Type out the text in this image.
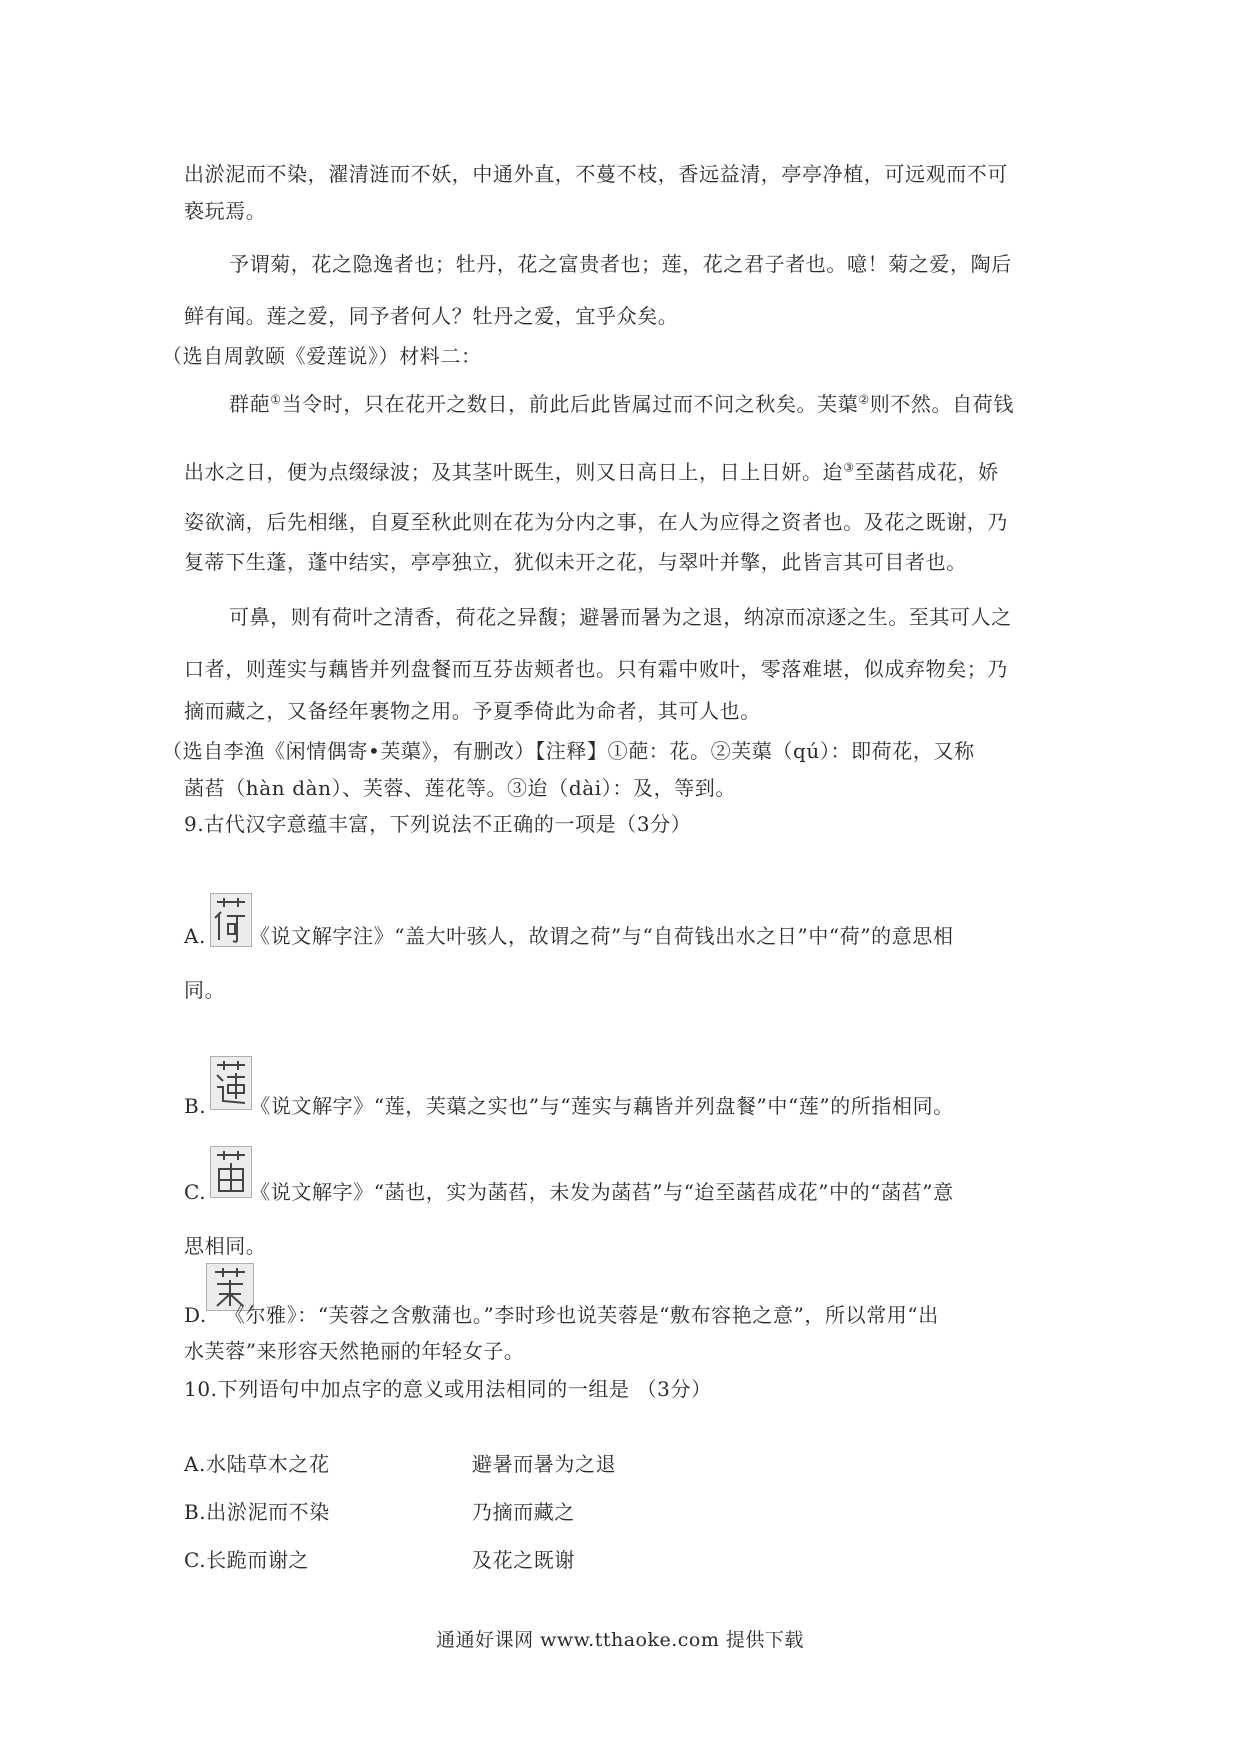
出淤泥而不染，濯清涟而不妖，中通外直，不蔓不枝，香远益清，亭亭净植，可远观而不可
亵玩焉。
予谓菊，花之隐逸者也；牡丹，花之富贵者也；莲，花之君子者也。噫！菊之爱，陶后
鲜有闻。莲之爱，同予者何人？牡丹之爱，宜乎众矣。
（选自周敦颐《爱莲说》）材料二：
群葩①当令时，只在花开之数日，前此后此皆属过而不问之秋矣。芙蕖②则不然。自荷钱
出水之日，便为点缀绿波；及其茎叶既生，则又日高日上，日上日妍。迨③至菡萏成花，娇
姿欲滴，后先相继，自夏至秋此则在花为分内之事，在人为应得之资者也。及花之既谢，乃
复蒂下生蓬，蓬中结实，亭亭独立，犹似未开之花，与翠叶并擎，此皆言其可目者也。
可鼻，则有荷叶之清香，荷花之异馥；避暑而暑为之退，纳凉而凉逐之生。至其可人之
口者，则莲实与藕皆并列盘餐而互芬齿颊者也。只有霜中败叶，零落难堪，似成弃物矣；乃
摘而藏之，又备经年裹物之用。予夏季倚此为命者，其可人也。
（选自李渔《闲情偶寄•芙蕖》，有删改）【注释】①葩：花。②芙蕖（qú）：即荷花，又称
菡萏（hàn dàn）、芙蓉、莲花等。③迨（dài）：及，等到。
9.古代汉字意蕴丰富，下列说法不正确的一项是（3分）
A. 《说文解字注》“盖大叶骇人，故谓之荷”与“自荷钱出水之日”中“荷”的意思相
同。
B. 《说文解字》“莲，芙蕖之实也”与“莲实与藕皆并列盘餐”中“莲”的所指相同。
C. 《说文解字》“菡也，实为菡萏，未发为菡萏”与“迨至菡萏成花”中的“菡萏”意
思相同。
D. 《尔雅》：“芙蓉之含敷蒲也。”李时珍也说芙蓉是“敷布容艳之意”，所以常用“出
水芙蓉”来形容天然艳丽的年轻女子。
10.下列语句中加点字的意义或用法相同的一组是 （3分）
A.水陆草木之花	避暑而暑为之退
B.出淤泥而不染	乃摘而藏之
C.长跪而谢之	及花之既谢
通通好课网 www.tthaoke.com 提供下载
